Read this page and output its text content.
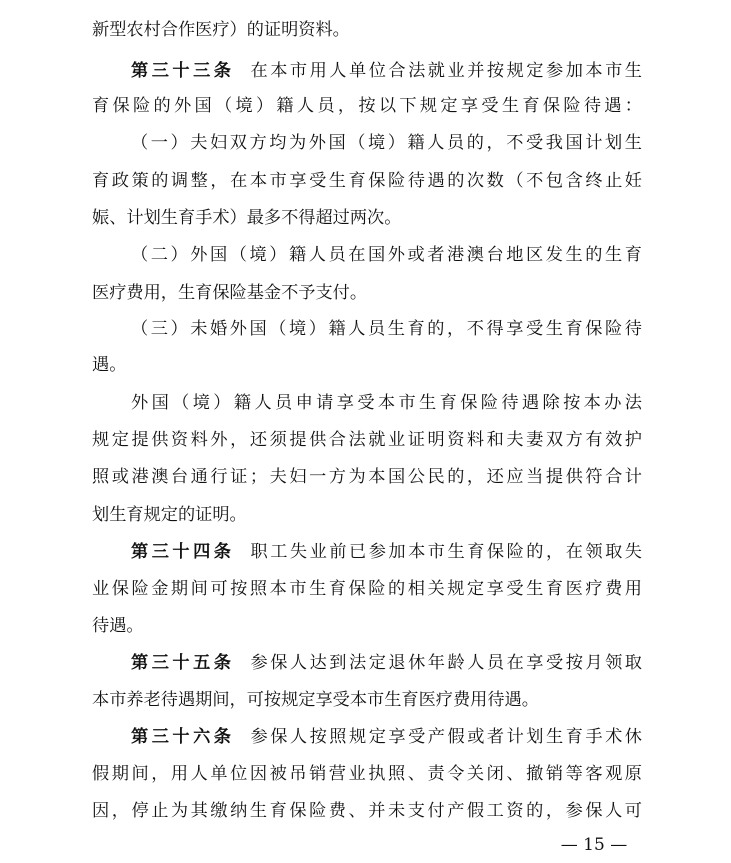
新型农村合作医疗）的证明资料。
第三十三条 在本市用人单位合法就业并按规定参加本市生
育保险的外国（境）籍人员，按以下规定享受生育保险待遇：
（一）夫妇双方均为外国（境）籍人员的，不受我国计划生
育政策的调整，在本市享受生育保险待遇的次数（不包含终止妊
娠、计划生育手术）最多不得超过两次。
（二）外国（境）籍人员在国外或者港澳台地区发生的生育
医疗费用，生育保险基金不予支付。
（三）未婚外国（境）籍人员生育的，不得享受生育保险待
遇。
外国（境）籍人员申请享受本市生育保险待遇除按本办法
规定提供资料外，还须提供合法就业证明资料和夫妻双方有效护
照或港澳台通行证；夫妇一方为本国公民的，还应当提供符合计
划生育规定的证明。
第三十四条 职工失业前已参加本市生育保险的，在领取失
业保险金期间可按照本市生育保险的相关规定享受生育医疗费用
待遇。
第三十五条 参保人达到法定退休年龄人员在享受按月领取
本市养老待遇期间，可按规定享受本市生育医疗费用待遇。
第三十六条 参保人按照规定享受产假或者计划生育手术休
假期间，用人单位因被吊销营业执照、责令关闭、撤销等客观原
因，停止为其缴纳生育保险费、并未支付产假工资的，参保人可
— 15 —
